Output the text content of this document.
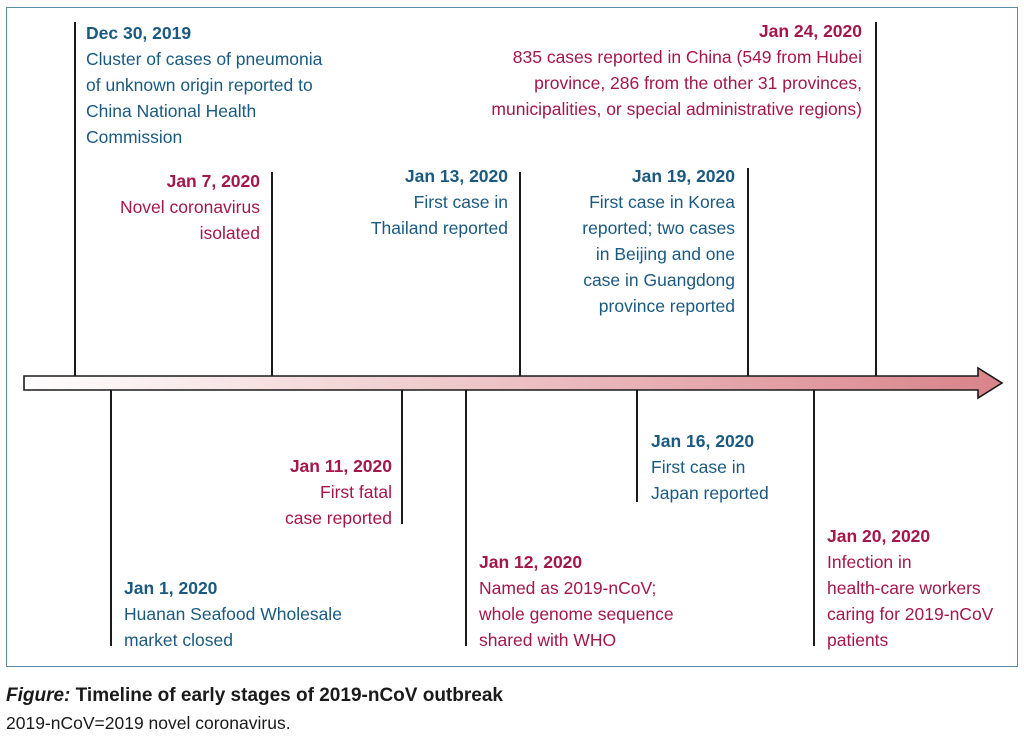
Dec 30, 2019
Cluster of cases of pneumonia
of unknown origin reported to
China National Health
Commission
Jan 7, 2020
Novel coronavirus
isolated
Jan 13, 2020
First case in
Thailand reported
Jan 19, 2020
First case in Korea
reported; two cases
in Beijing and one
case in Guangdong
province reported
Jan 24, 2020
835 cases reported in China (549 from Hubei
province, 286 from the other 31 provinces,
municipalities, or special administrative regions)
Jan 1, 2020
Huanan Seafood Wholesale
market closed
Jan 11, 2020
First fatal
case reported
Jan 12, 2020
Named as 2019-nCoV;
whole genome sequence
shared with WHO
Jan 16, 2020
First case in
Japan reported
Jan 20, 2020
Infection in
health-care workers
caring for 2019-nCoV
patients
Figure: Timeline of early stages of 2019-nCoV outbreak
2019-nCoV=2019 novel coronavirus.
